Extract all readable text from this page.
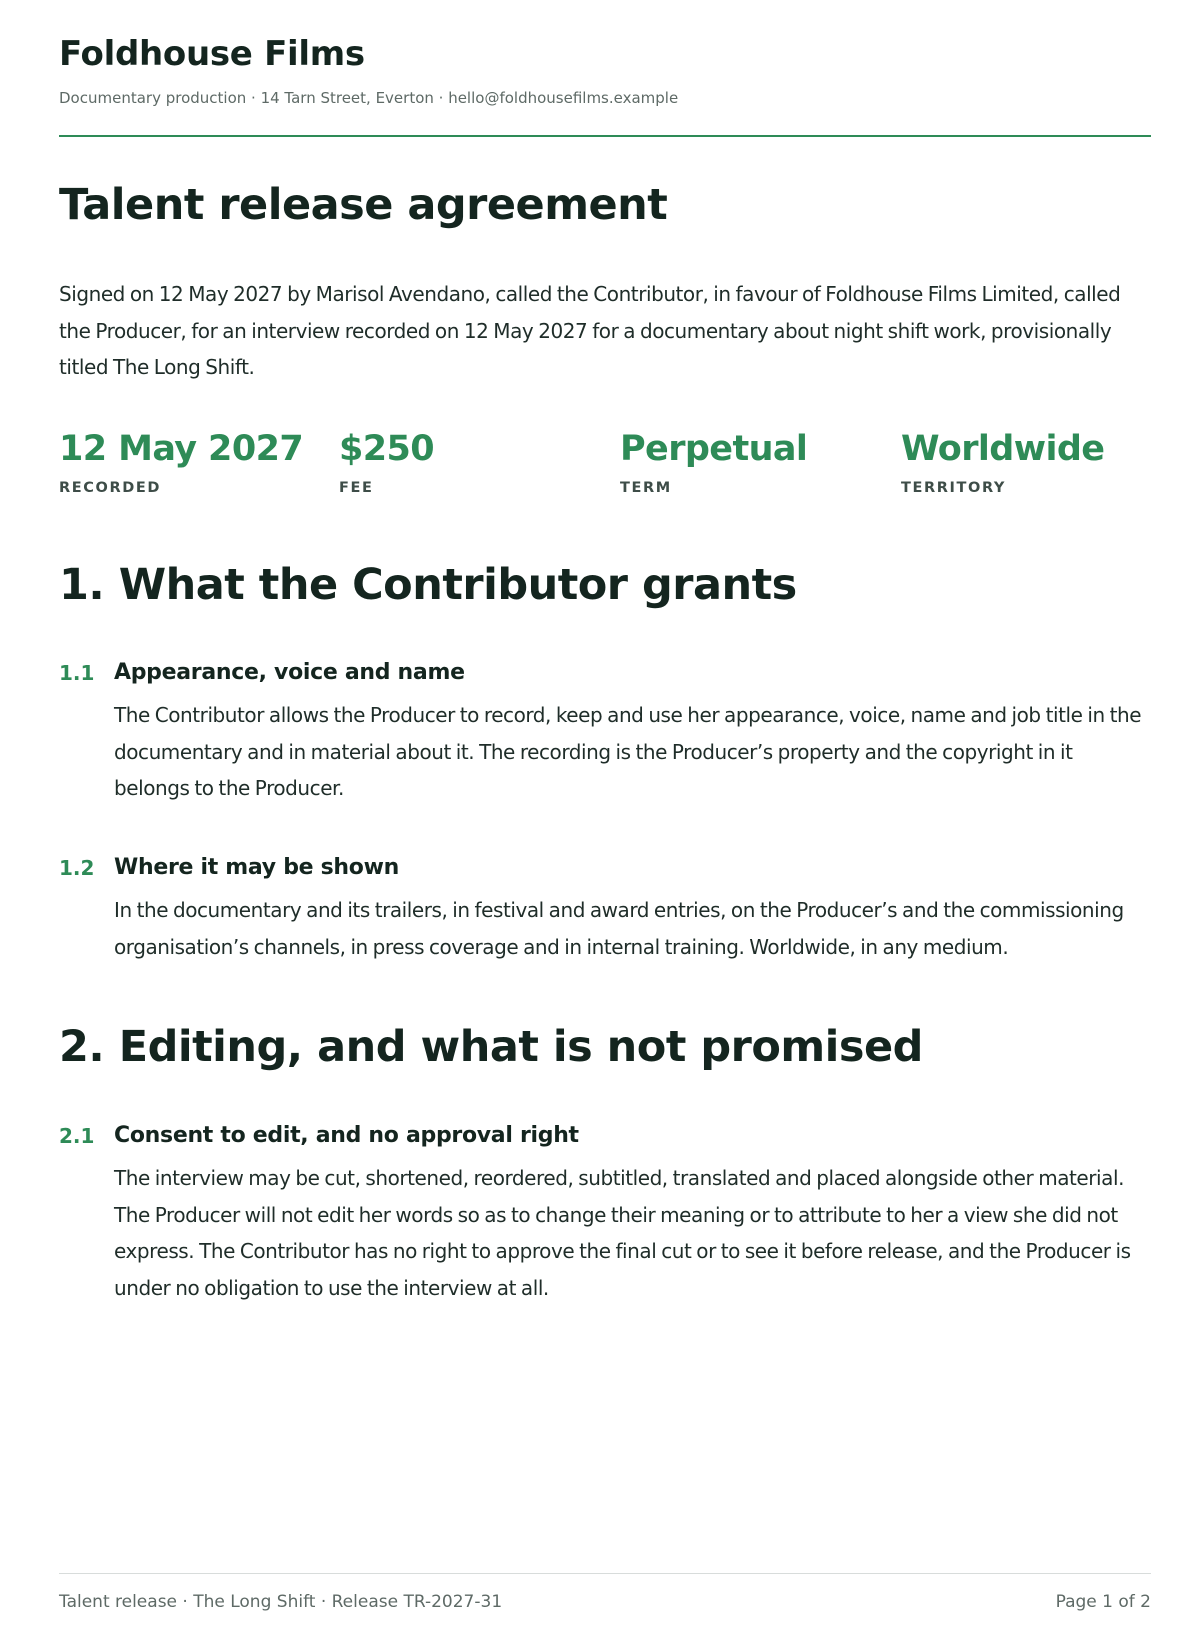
Foldhouse Films
Documentary production · 14 Tarn Street, Everton · hello@foldhousefilms.example
Talent release agreement
Signed on 12 May 2027 by Marisol Avendano, called the Contributor, in favour of Foldhouse Films Limited, called the Producer, for an interview recorded on 12 May 2027 for a documentary about night shift work, provisionally titled The Long Shift.
12 May 2027
RECORDED
$250
FEE
Perpetual
TERM
Worldwide
TERRITORY
1. What the Contributor grants
1.1 Appearance, voice and name
The Contributor allows the Producer to record, keep and use her appearance, voice, name and job title in the documentary and in material about it. The recording is the Producer’s property and the copyright in it belongs to the Producer.
1.2 Where it may be shown
In the documentary and its trailers, in festival and award entries, on the Producer’s and the commissioning organisation’s channels, in press coverage and in internal training. Worldwide, in any medium.
2. Editing, and what is not promised
2.1 Consent to edit, and no approval right
The interview may be cut, shortened, reordered, subtitled, translated and placed alongside other material. The Producer will not edit her words so as to change their meaning or to attribute to her a view she did not express. The Contributor has no right to approve the final cut or to see it before release, and the Producer is under no obligation to use the interview at all.
Talent release · The Long Shift · Release TR-2027-31	Page 1 of 2
